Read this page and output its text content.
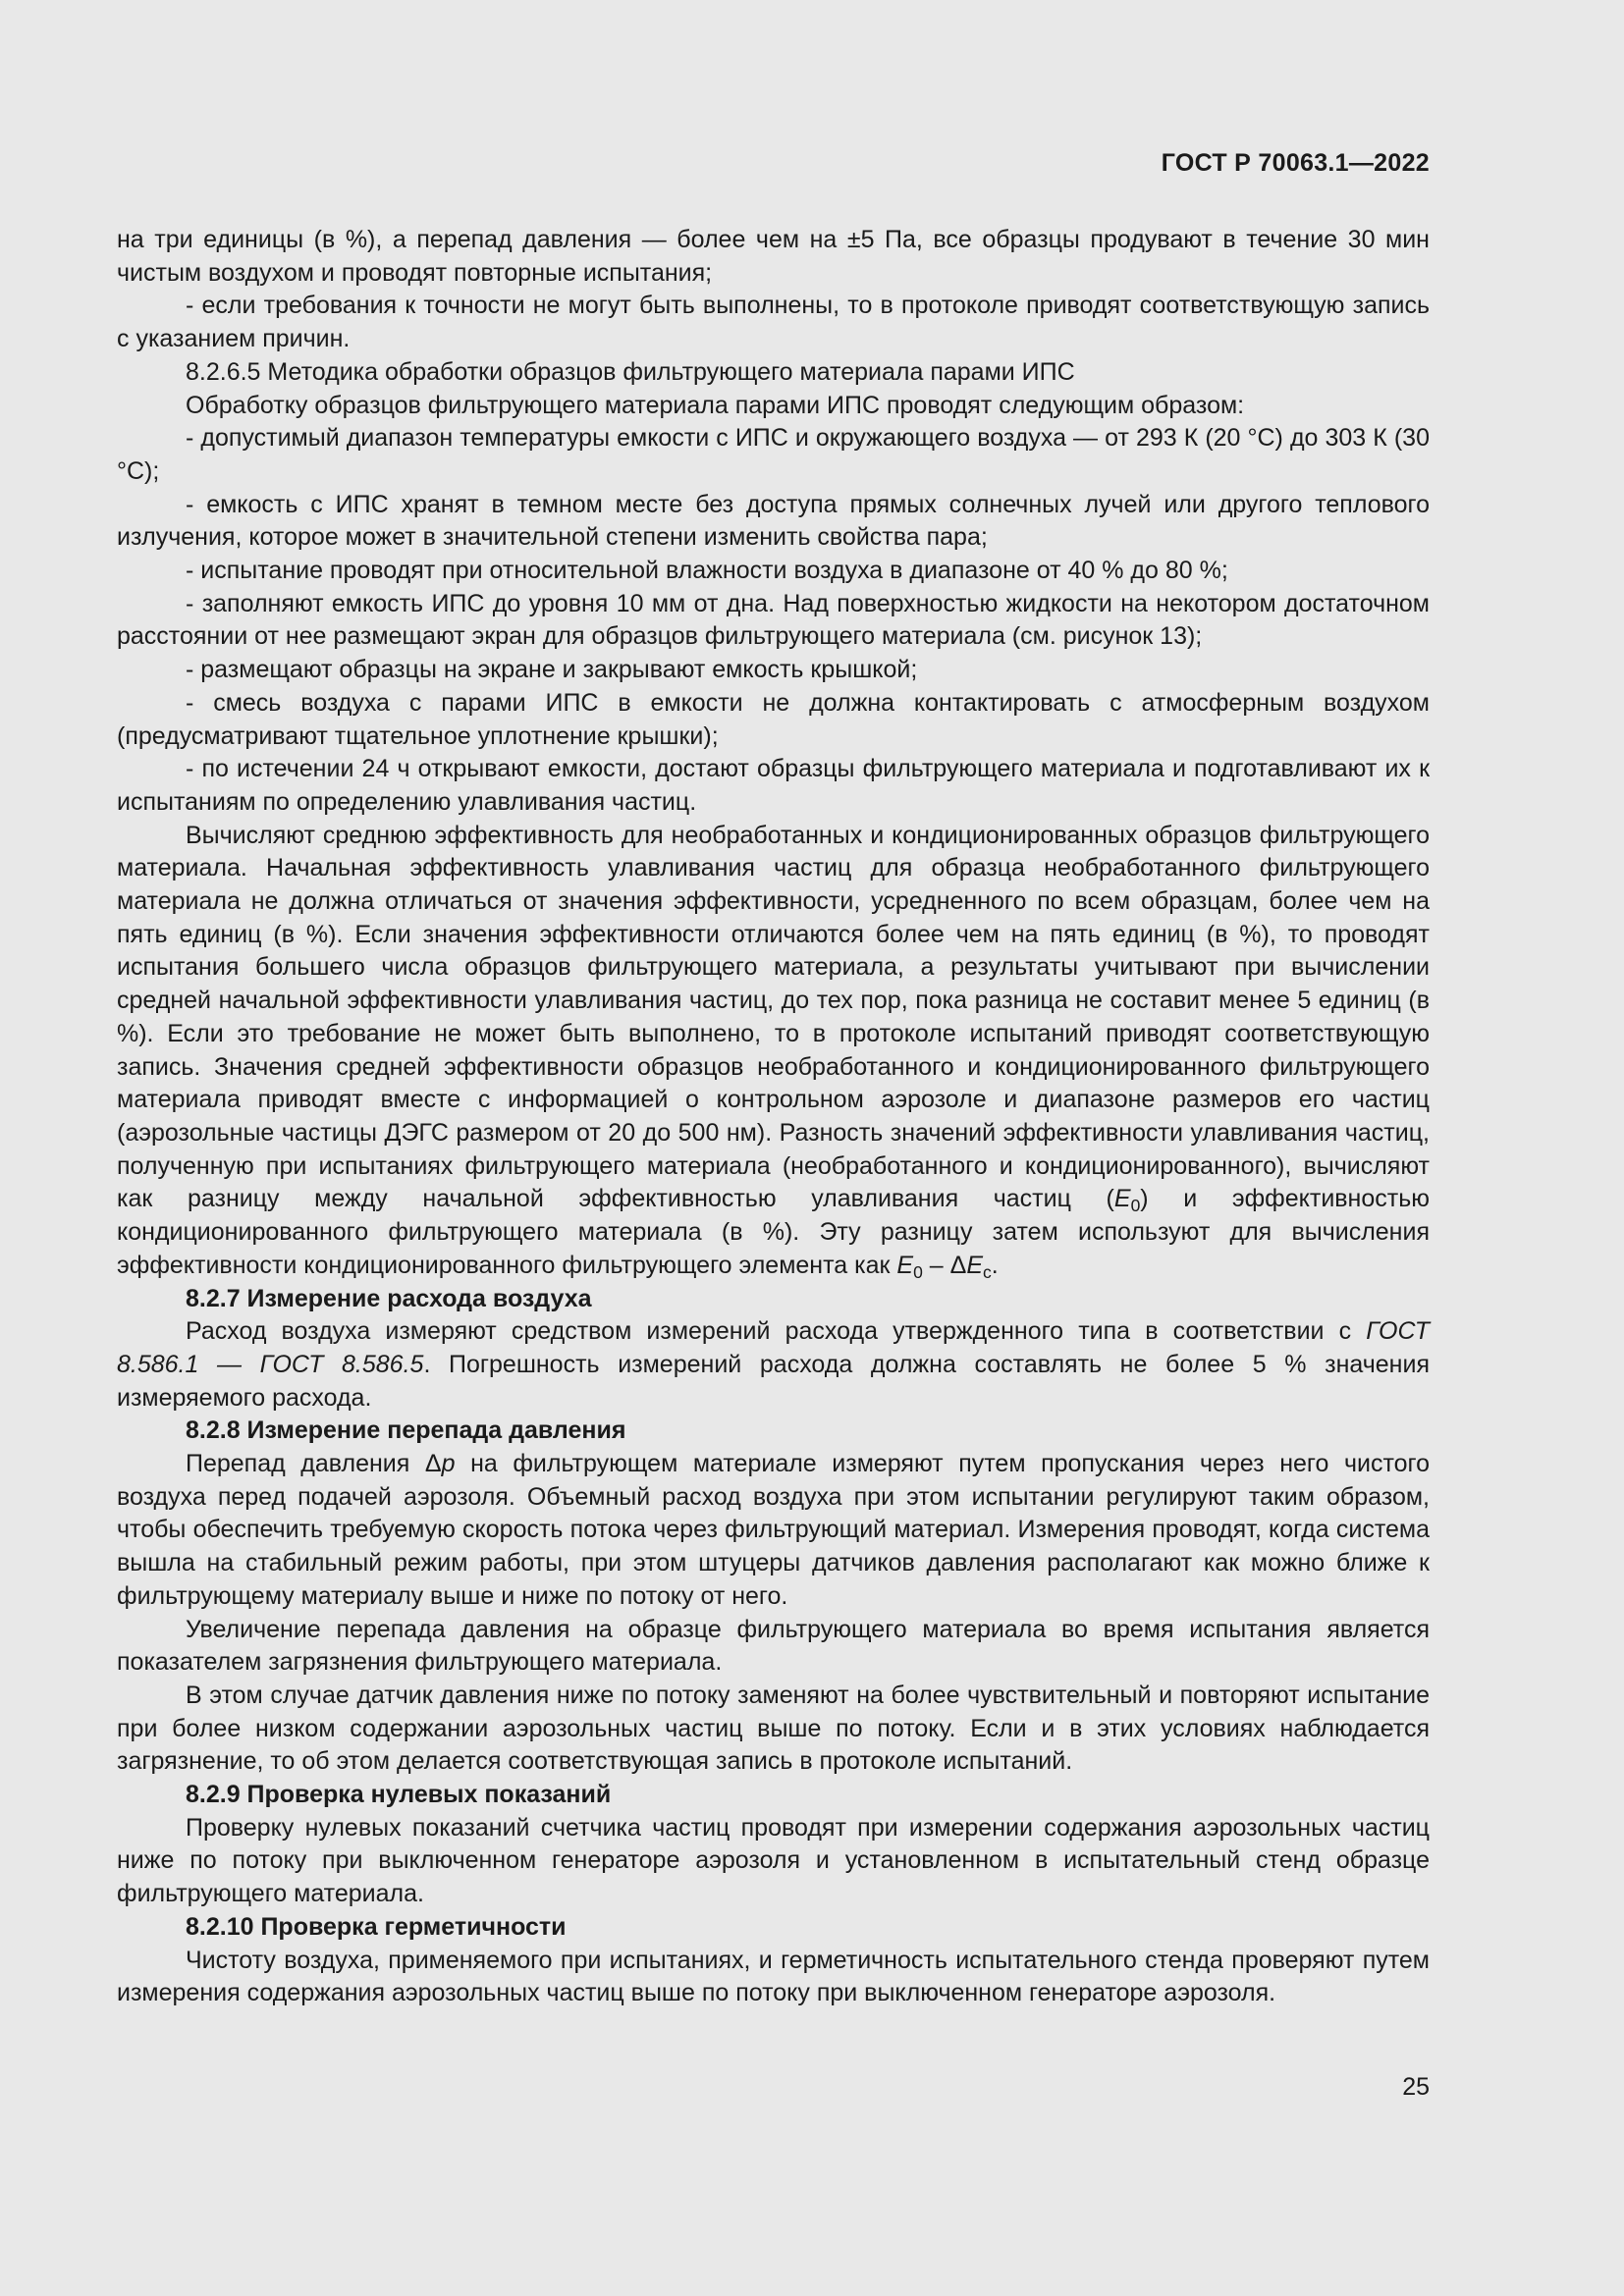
ГОСТ Р 70063.1—2022

на три единицы (в %), а перепад давления — более чем на ±5 Па, все образцы продувают в течение 30 мин чистым воздухом и проводят повторные испытания;

- если требования к точности не могут быть выполнены, то в протоколе приводят соответствующую запись с указанием причин.

8.2.6.5 Методика обработки образцов фильтрующего материала парами ИПС

Обработку образцов фильтрующего материала парами ИПС проводят следующим образом:

- допустимый диапазон температуры емкости с ИПС и окружающего воздуха — от 293 К (20 °С) до 303 К (30 °С);

- емкость с ИПС хранят в темном месте без доступа прямых солнечных лучей или другого теплового излучения, которое может в значительной степени изменить свойства пара;

- испытание проводят при относительной влажности воздуха в диапазоне от 40 % до 80 %;

- заполняют емкость ИПС до уровня 10 мм от дна. Над поверхностью жидкости на некотором достаточном расстоянии от нее размещают экран для образцов фильтрующего материала (см. рисунок 13);

- размещают образцы на экране и закрывают емкость крышкой;

- смесь воздуха с парами ИПС в емкости не должна контактировать с атмосферным воздухом (предусматривают тщательное уплотнение крышки);

- по истечении 24 ч открывают емкости, достают образцы фильтрующего материала и подготавливают их к испытаниям по определению улавливания частиц.

Вычисляют среднюю эффективность для необработанных и кондиционированных образцов фильтрующего материала. Начальная эффективность улавливания частиц для образца необработанного фильтрующего материала не должна отличаться от значения эффективности, усредненного по всем образцам, более чем на пять единиц (в %). Если значения эффективности отличаются более чем на пять единиц (в %), то проводят испытания большего числа образцов фильтрующего материала, а результаты учитывают при вычислении средней начальной эффективности улавливания частиц, до тех пор, пока разница не составит менее 5 единиц (в %). Если это требование не может быть выполнено, то в протоколе испытаний приводят соответствующую запись. Значения средней эффективности образцов необработанного и кондиционированного фильтрующего материала приводят вместе с информацией о контрольном аэрозоле и диапазоне размеров его частиц (аэрозольные частицы ДЭГС размером от 20 до 500 нм). Разность значений эффективности улавливания частиц, полученную при испытаниях фильтрующего материала (необработанного и кондиционированного), вычисляют как разницу между начальной эффективностью улавливания частиц $(E_0)$ и эффективностью кондиционированного фильтрующего материала (в %). Эту разницу затем используют для вычисления эффективности кондиционированного фильтрующего элемента как $E_0 - \Delta E_c$.

8.2.7 Измерение расхода воздуха

Расход воздуха измеряют средством измерений расхода утвержденного типа в соответствии с ГОСТ 8.586.1 — ГОСТ 8.586.5. Погрешность измерений расхода должна составлять не более 5 % значения измеряемого расхода.

8.2.8 Измерение перепада давления

Перепад давления Δp на фильтрующем материале измеряют путем пропускания через него чистого воздуха перед подачей аэрозоля. Объемный расход воздуха при этом испытании регулируют таким образом, чтобы обеспечить требуемую скорость потока через фильтрующий материал. Измерения проводят, когда система вышла на стабильный режим работы, при этом штуцеры датчиков давления располагают как можно ближе к фильтрующему материалу выше и ниже по потоку от него.

Увеличение перепада давления на образце фильтрующего материала во время испытания является показателем загрязнения фильтрующего материала.

В этом случае датчик давления ниже по потоку заменяют на более чувствительный и повторяют испытание при более низком содержании аэрозольных частиц выше по потоку. Если и в этих условиях наблюдается загрязнение, то об этом делается соответствующая запись в протоколе испытаний.

8.2.9 Проверка нулевых показаний

Проверку нулевых показаний счетчика частиц проводят при измерении содержания аэрозольных частиц ниже по потоку при выключенном генераторе аэрозоля и установленном в испытательный стенд образце фильтрующего материала.

8.2.10 Проверка герметичности

Чистоту воздуха, применяемого при испытаниях, и герметичность испытательного стенда проверяют путем измерения содержания аэрозольных частиц выше по потоку при выключенном генераторе аэрозоля.

25
